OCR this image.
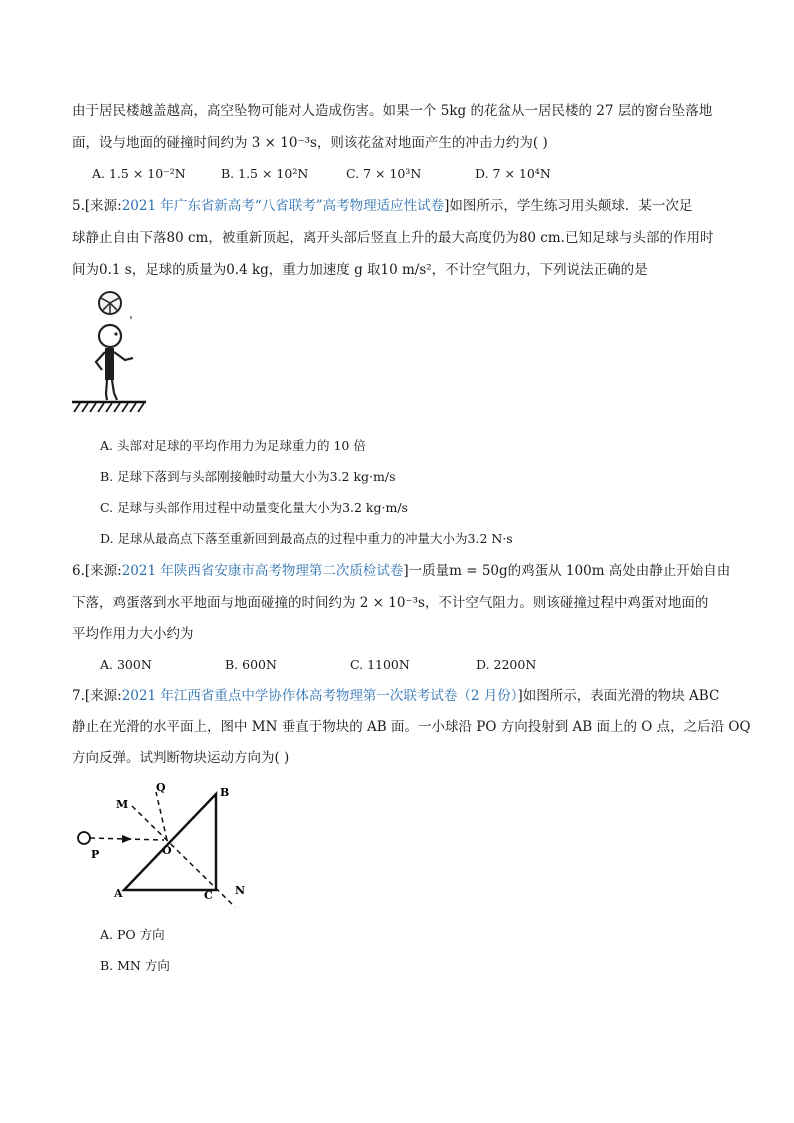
由于居民楼越盖越高，高空坠物可能对人造成伤害。如果一个 5kg 的花盆从一居民楼的 27 层的窗台坠落地
面，设与地面的碰撞时间约为 3 × 10⁻³s，则该花盆对地面产生的冲击力约为( )
A. 1.5 × 10⁻²N	B. 1.5 × 10²N	C. 7 × 10³N	D. 7 × 10⁴N
5.[来源:2021 年广东省新高考“八省联考”高考物理适应性试卷]如图所示，学生练习用头颠球．某一次足
球静止自由下落80 cm，被重新顶起，离开头部后竖直上升的最大高度仍为80 cm.已知足球与头部的作用时
间为0.1 s，足球的质量为0.4 kg，重力加速度 g 取10 m/s²，不计空气阻力，下列说法正确的是
A. 头部对足球的平均作用力为足球重力的 10 倍
B. 足球下落到与头部刚接触时动量大小为3.2 kg·m/s
C. 足球与头部作用过程中动量变化量大小为3.2 kg·m/s
D. 足球从最高点下落至重新回到最高点的过程中重力的冲量大小为3.2 N·s
6.[来源:2021 年陕西省安康市高考物理第二次质检试卷]一质量m = 50g的鸡蛋从 100m 高处由静止开始自由
下落，鸡蛋落到水平地面与地面碰撞的时间约为 2 × 10⁻³s，不计空气阻力。则该碰撞过程中鸡蛋对地面的
平均作用力大小约为
A. 300N	B. 600N	C. 1100N	D. 2200N
7.[来源:2021 年江西省重点中学协作体高考物理第一次联考试卷（2 月份）]如图所示，表面光滑的物块 ABC
静止在光滑的水平面上，图中 MN 垂直于物块的 AB 面。一小球沿 PO 方向投射到 AB 面上的 O 点，之后沿 OQ
方向反弹。试判断物块运动方向为( )
M
Q	B
P	O
A	C N
A. PO 方向
B. MN 方向
